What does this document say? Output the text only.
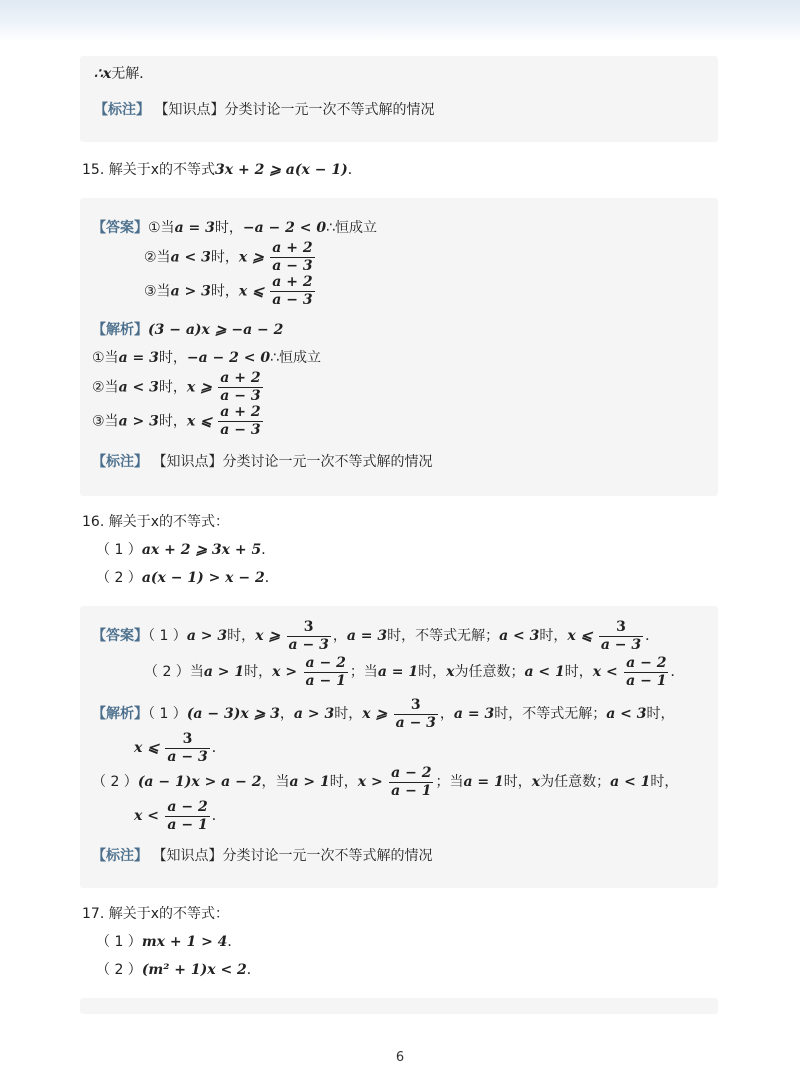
∴x无解．
【标注】 【知识点】分类讨论一元一次不等式解的情况
15. 解关于x的不等式3x + 2 ⩾ a(x − 1)．
【答案】①当a = 3时，−a − 2 < 0∴恒成立
②当a < 3时，x ⩾ $\frac{a + 2}{a - 3}$
③当a > 3时，x ⩽ $\frac{a + 2}{a - 3}$
【解析】(3 − a)x ⩾ −a − 2
①当a = 3时，−a − 2 < 0∴恒成立
②当a < 3时，x ⩾ $\frac{a + 2}{a - 3}$
③当a > 3时，x ⩽ $\frac{a + 2}{a - 3}$
【标注】 【知识点】分类讨论一元一次不等式解的情况
16. 解关于x的不等式：
（ 1 ）ax + 2 ⩾ 3x + 5．
（ 2 ）a(x − 1) > x − 2．
【答案】（ 1 ）a > 3时，x ⩾ $\frac{3}{a - 3}$ ，a = 3时，不等式无解；a < 3时，x ⩽ $\frac{3}{a - 3}$ ．
（ 2 ）当a > 1时，$x > \frac{a - 2}{a - 1}$ ；当a = 1时，x为任意数；a < 1时，$x < \frac{a - 2}{a - 1}$ ．
【解析】（ 1 ）(a − 3)x ⩾ 3，a > 3时，x ⩾ $\frac{3}{a - 3}$ ，a = 3时，不等式无解；a < 3时，
x ⩽ $\frac{3}{a - 3}$ ．
（ 2 ）(a − 1)x > a − 2，当a > 1时，$x > \frac{a - 2}{a - 1}$ ；当a = 1时，x为任意数；a < 1时，
$x < \frac{a - 2}{a - 1}$ ．
【标注】 【知识点】分类讨论一元一次不等式解的情况
17. 解关于x的不等式：
（ 1 ）mx + 1 > 4．
（ 2 ）(m² + 1)x < 2．
6
